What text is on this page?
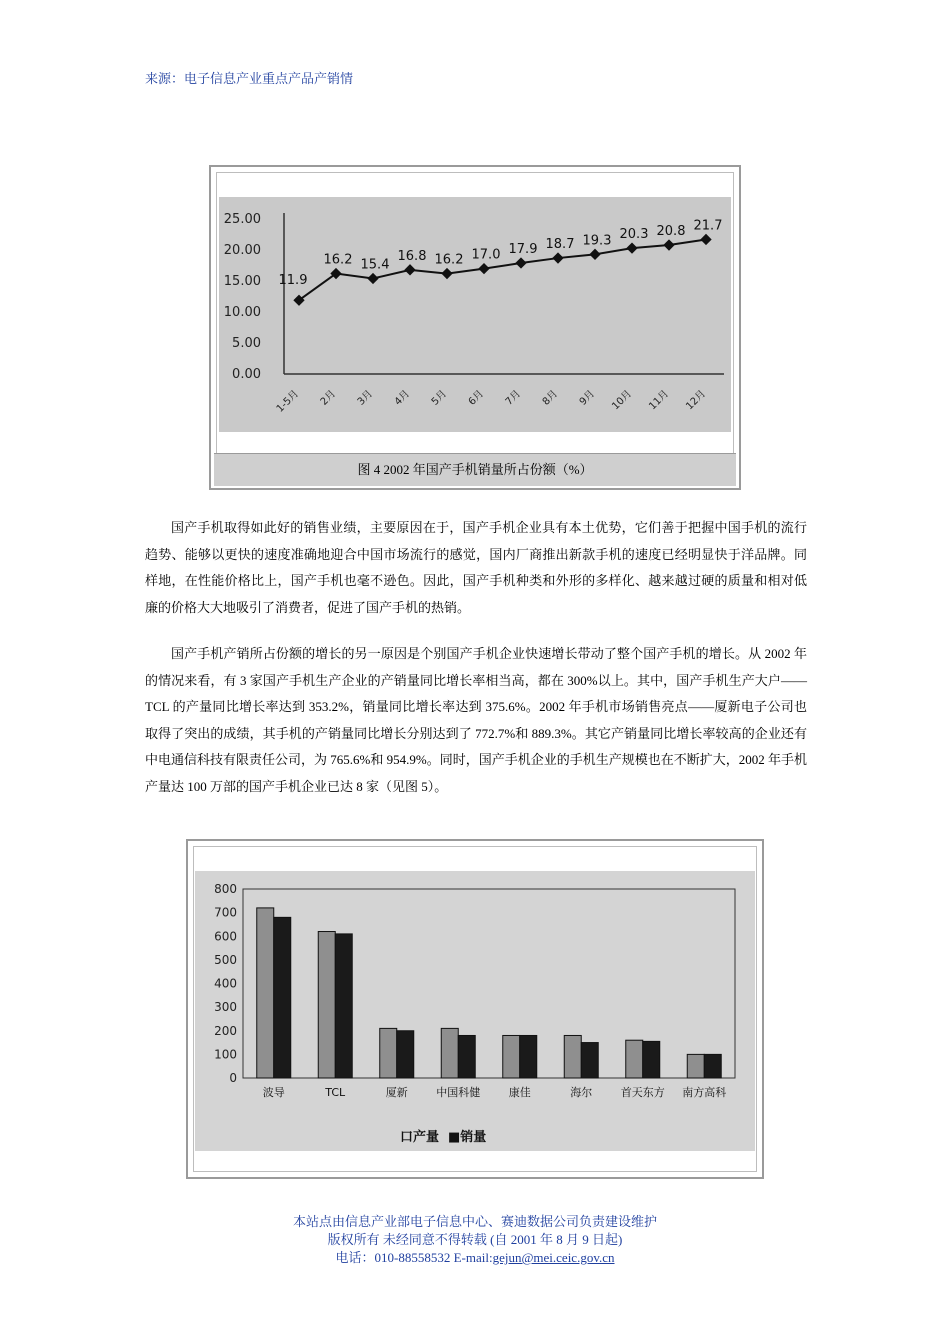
来源：电子信息产业重点产品产销情
0.00
5.00
10.00
15.00
20.00
25.00
11.9
16.2 15.4
16.8 16.2 17.0 17.9 18.7 19.3 20.3 20.8 21.7
1-5月 2月 3月 4月 5月 6月 7月 8月 9月 10月 11月 12月
图 4 2002 年国产手机销量所占份额（%）
国产手机取得如此好的销售业绩，主要原因在于，国产手机企业具有本土优势，它们善于把握中国手机的流行趋势、能够以更快的速度准确地迎合中国市场流行的感觉，国内厂商推出新款手机的速度已经明显快于洋品牌。同样地，在性能价格比上，国产手机也毫不逊色。因此，国产手机种类和外形的多样化、越来越过硬的质量和相对低廉的价格大大地吸引了消费者，促进了国产手机的热销。
国产手机产销所占份额的增长的另一原因是个别国产手机企业快速增长带动了整个国产手机的增长。从 2002 年的情况来看，有 3 家国产手机生产企业的产销量同比增长率相当高，都在 300%以上。其中，国产手机生产大户——TCL 的产量同比增长率达到 353.2%，销量同比增长率达到 375.6%。2002 年手机市场销售亮点——厦新电子公司也取得了突出的成绩，其手机的产销量同比增长分别达到了 772.7%和 889.3%。其它产销量同比增长率较高的企业还有中电通信科技有限责任公司，为 765.6%和 954.9%。同时，国产手机企业的手机生产规模也在不断扩大，2002 年手机产量达 100 万部的国产手机企业已达 8 家（见图 5）。
0
100
200
300
400
500
600
700
800
波导	TCL	厦新	中国科健	康佳	海尔	首天东方 南方高科
口产量 ■销量
本站点由信息产业部电子信息中心、赛迪数据公司负责建设维护
版权所有 未经同意不得转载 (自 2001 年 8 月 9 日起)
电话：010-88558532 E-mail:gejun@mei.ceic.gov.cn
